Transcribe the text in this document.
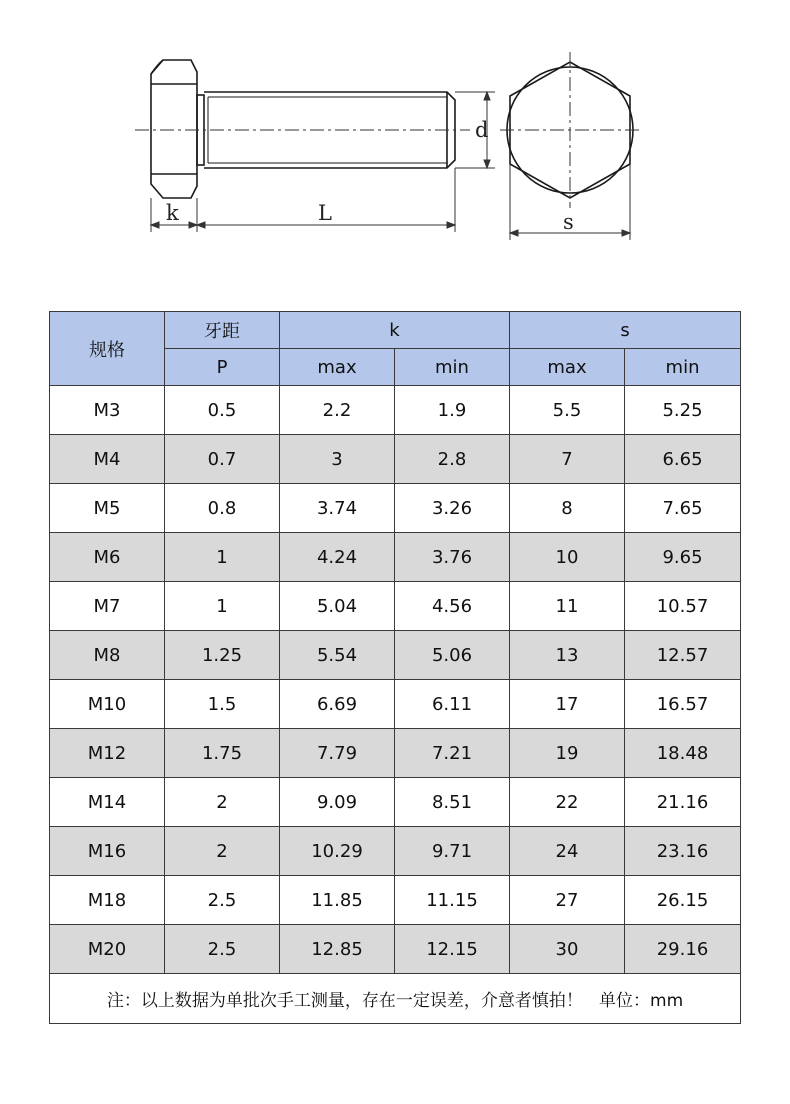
k	L
d
s
规格	牙距	k		s	
	P	max	min	max	min
M3	0.5	2.2	1.9	5.5	5.25
M4	0.7	3	2.8	7	6.65
M5	0.8	3.74	3.26	8	7.65
M6	1	4.24	3.76	10	9.65
M7	1	5.04	4.56	11	10.57
M8	1.25	5.54	5.06	13	12.57
M10	1.5	6.69	6.11	17	16.57
M12	1.75	7.79	7.21	19	18.48
M14	2	9.09	8.51	22	21.16
M16	2	10.29	9.71	24	23.16
M18	2.5	11.85	11.15	27	26.15
M20	2.5	12.85	12.15	30	29.16
注：以上数据为单批次手工测量，存在一定误差，介意者慎拍！   单位：mm					
